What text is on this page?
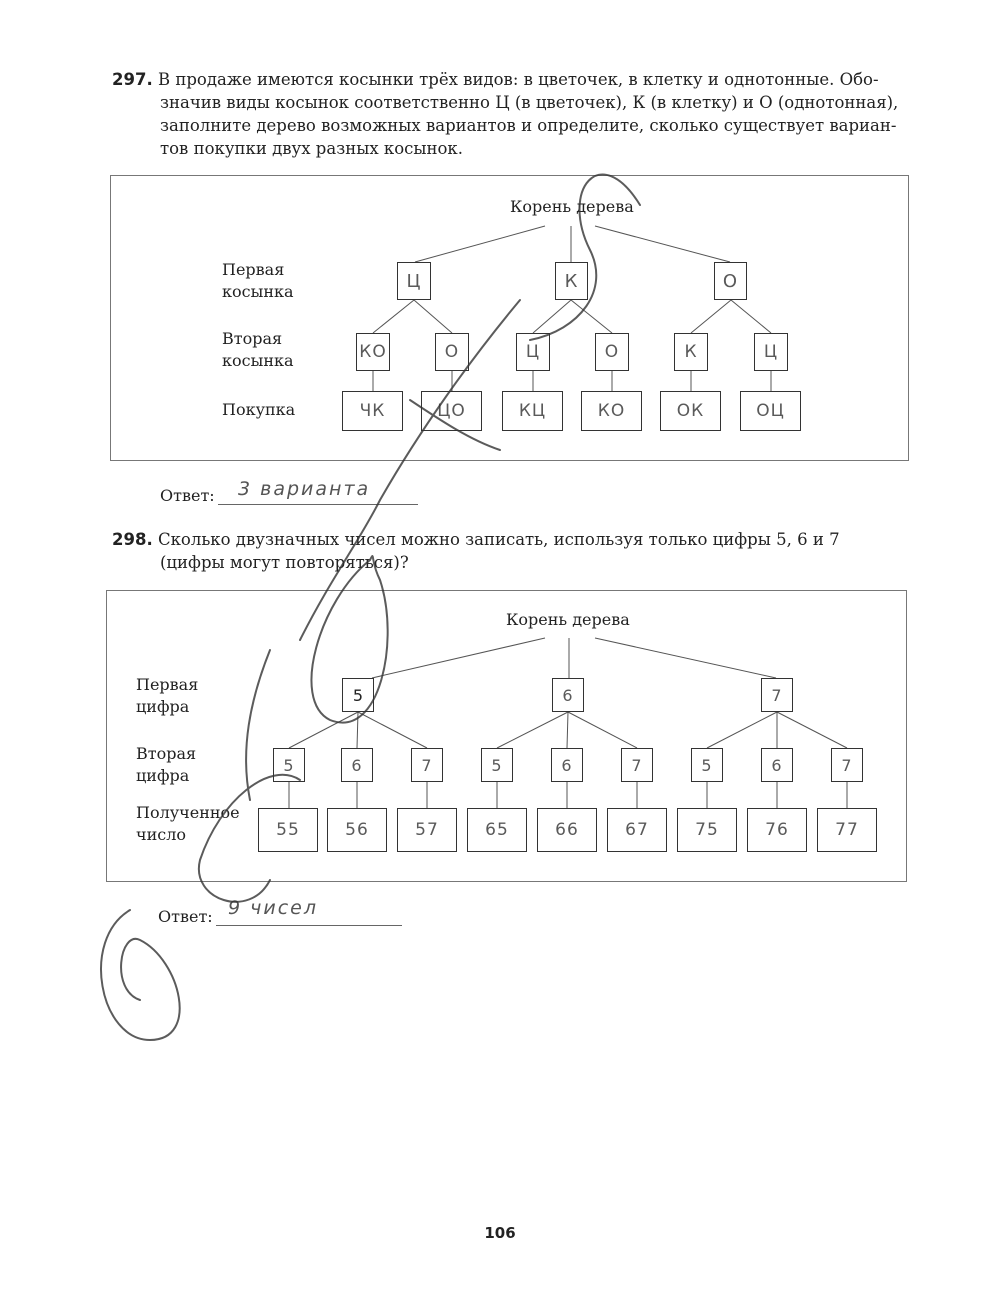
297. В продаже имеются косынки трёх видов: в цветочек, в клетку и однотонные. Обо-
значив виды косынок соответственно Ц (в цветочек), К (в клетку) и О (однотонная),
заполните дерево возможных вариантов и определите, сколько существует вариан-
тов покупки двух разных косынок.
Корень дерева
Первая
косынка
Вторая
косынка
Покупка
Ц	К	О
КО	О	Ц	О	К	Ц
ЧК	ЦО	КЦ	КО	ОК	ОЦ
Ответ: 3 варианта
298. Сколько двузначных чисел можно записать, используя только цифры 5, 6 и 7
(цифры могут повторяться)?
Корень дерева
Первая
цифра
Вторая
цифра
Полученное
число
5	6	7
5	6	7	5	6	7	5	6	7
55	56	57	65	66	67	75	76	77
Ответ: 9 чисел
106
